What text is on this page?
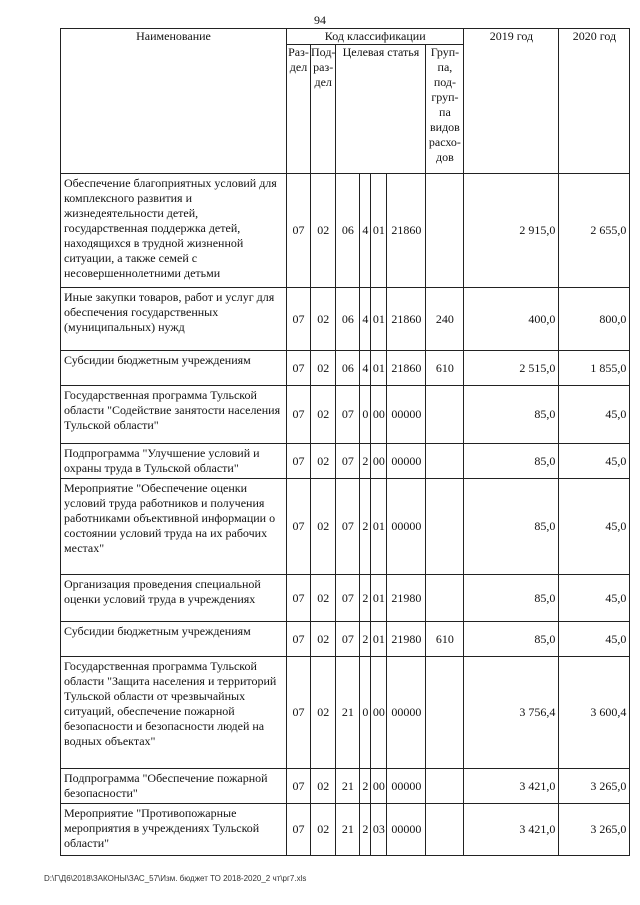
94
Наименование	Код классификации							2019 год	2020 год
	Раз-дел	Под-раз-дел	Целевая статья				Груп-па, под-груп-па видов расхо-дов		
Обеспечение благоприятных условий для комплексного развития и жизнедеятельности детей, государственная поддержка детей, находящихся в трудной жизненной ситуации, а также семей с несовершеннолетними детьми	07	02	06	4	01	21860		2 915,0	2 655,0
Иные закупки товаров, работ и услуг для обеспечения государственных (муниципальных) нужд	07	02	06	4	01	21860	240	400,0	800,0
Субсидии бюджетным учреждениям	07	02	06	4	01	21860	610	2 515,0	1 855,0
Государственная программа Тульской области "Содействие занятости населения Тульской области"	07	02	07	0	00	00000		85,0	45,0
Подпрограмма "Улучшение условий и охраны труда в Тульской области"	07	02	07	2	00	00000		85,0	45,0
Мероприятие "Обеспечение оценки условий труда работников и получения работниками объективной информации о состоянии условий труда на их рабочих местах"	07	02	07	2	01	00000		85,0	45,0
Организация проведения специальной оценки условий труда в учреждениях	07	02	07	2	01	21980		85,0	45,0
Субсидии бюджетным учреждениям	07	02	07	2	01	21980	610	85,0	45,0
Государственная программа Тульской области "Защита населения и территорий Тульской области от чрезвычайных ситуаций, обеспечение пожарной безопасности и безопасности людей на водных объектах"	07	02	21	0	00	00000		3 756,4	3 600,4
Подпрограмма "Обеспечение пожарной безопасности"	07	02	21	2	00	00000		3 421,0	3 265,0
Мероприятие "Противопожарные мероприятия в учреждениях Тульской области"	07	02	21	2	03	00000		3 421,0	3 265,0
D:\Г\Д6\2018\ЗАКОНЫ\ЗАС_57\Изм. бюджет ТО 2018-2020_2 чт\рг7.xls
